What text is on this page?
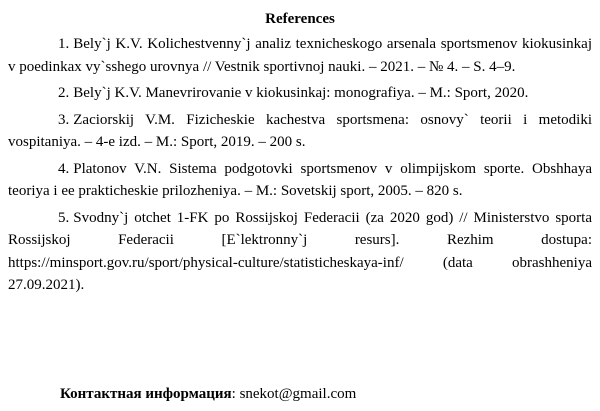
References

1. Bely`j K.V. Kolichestvenny`j analiz texnicheskogo arsenala sportsmenov kiokusinkaj v poedinkax vy`sshego urovnya // Vestnik sportivnoj nauki. – 2021. – № 4. – S. 4–9.

2. Bely`j K.V. Manevrirovanie v kiokusinkaj: monografiya. – M.: Sport, 2020.

3. Zaciorskij V.M. Fizicheskie kachestva sportsmena: osnovy` teorii i metodiki vospitaniya. – 4-e izd. – M.: Sport, 2019. – 200 s.

4. Platonov V.N. Sistema podgotovki sportsmenov v olimpijskom sporte. Obshhaya teoriya i ee prakticheskie prilozheniya. – M.: Sovetskij sport, 2005. – 820 s.

5. Svodny`j otchet 1-FK po Rossijskoj Federacii (za 2020 god) // Ministerstvo sporta Rossijskoj Federacii [E`lektronny`j resurs]. Rezhim dostupa: https://minsport.gov.ru/sport/physical-culture/statisticheskaya-inf/ (data obrashheniya 27.09.2021).

Контактная информация: snekot@gmail.com
